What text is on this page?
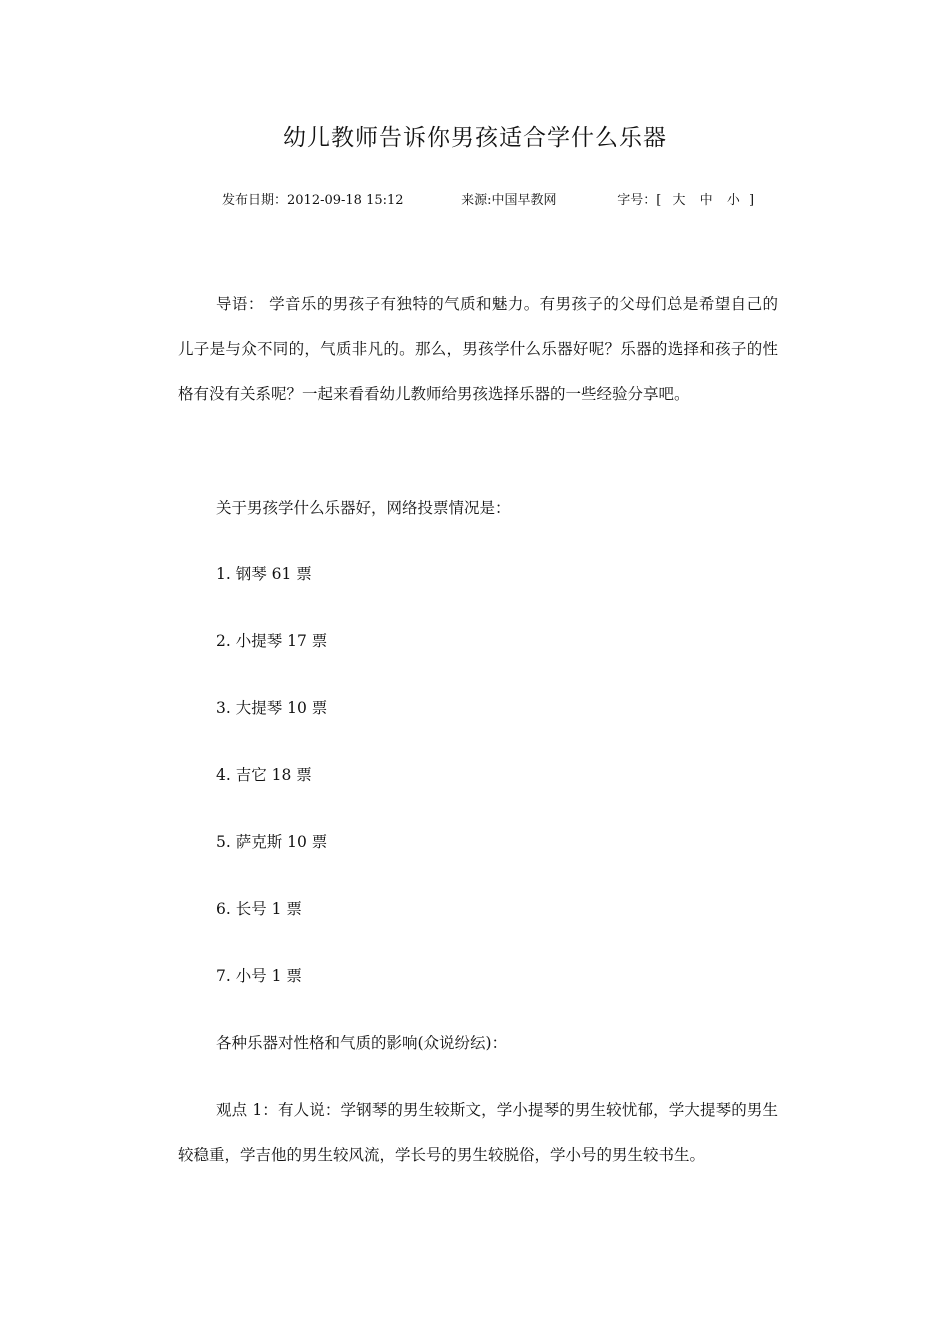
幼儿教师告诉你男孩适合学什么乐器
发布日期：2012-09-18 15:12	来源:中国早教网	字号：[ 大 中 小 ]
导语： 学音乐的男孩子有独特的气质和魅力。有男孩子的父母们总是希望自己的儿子是与众不同的，气质非凡的。那么，男孩学什么乐器好呢？乐器的选择和孩子的性格有没有关系呢？一起来看看幼儿教师给男孩选择乐器的一些经验分享吧。
关于男孩学什么乐器好，网络投票情况是：
1. 钢琴 61 票
2. 小提琴 17 票
3. 大提琴 10 票
4. 吉它 18 票
5. 萨克斯 10 票
6. 长号 1 票
7. 小号 1 票
各种乐器对性格和气质的影响(众说纷纭)：
观点 1：有人说：学钢琴的男生较斯文，学小提琴的男生较忧郁，学大提琴的男生较稳重，学吉他的男生较风流，学长号的男生较脱俗，学小号的男生较书生。
